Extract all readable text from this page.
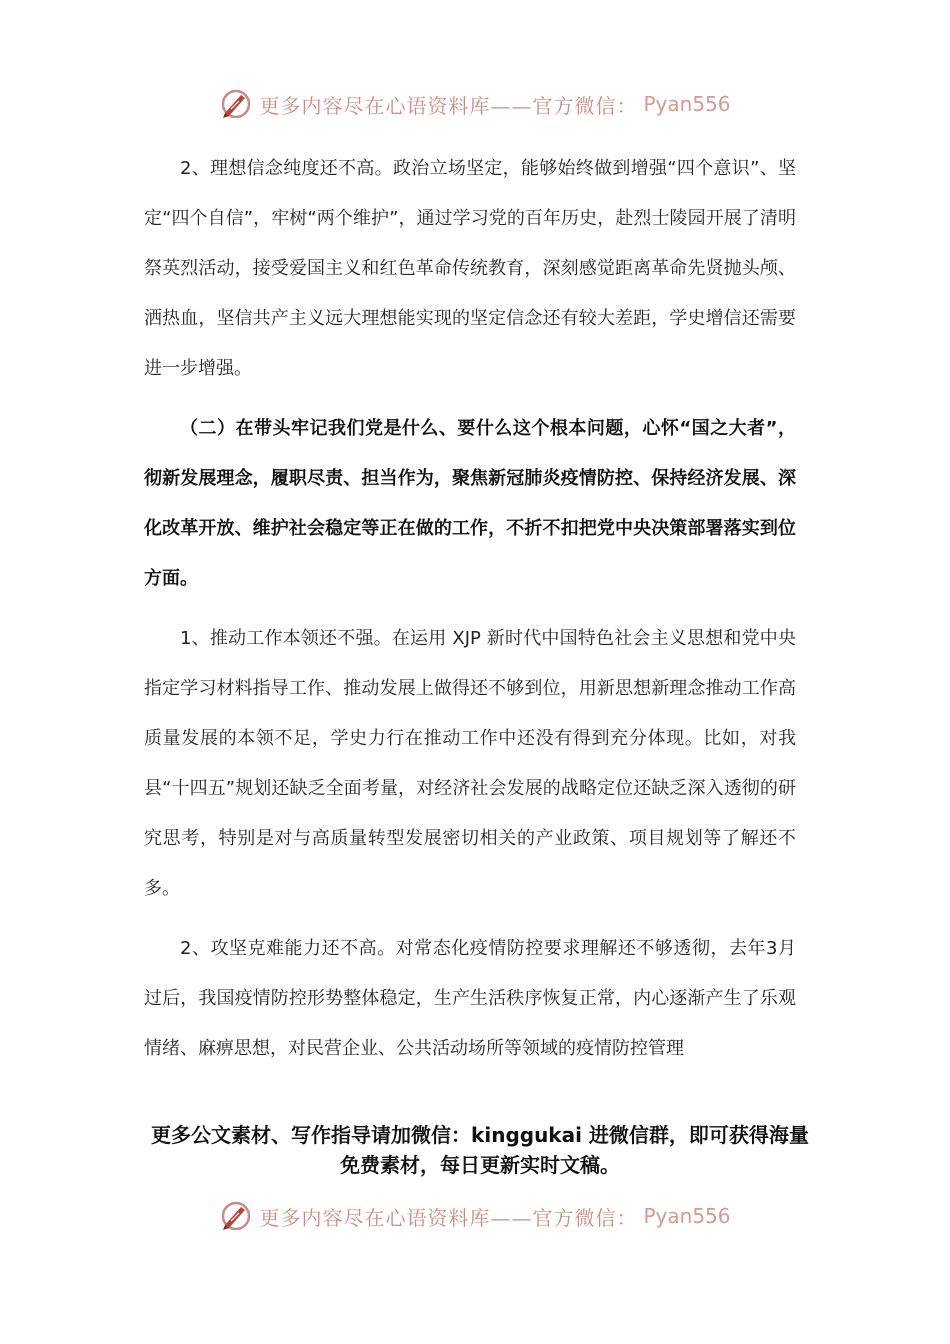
更多内容尽在心语资料库——官方微信： Pyan556

2、理想信念纯度还不高。政治立场坚定，能够始终做到增强“四个意识”、坚定“四个自信”，牢树“两个维护”，通过学习党的百年历史，赴烈士陵园开展了清明祭英烈活动，接受爱国主义和红色革命传统教育，深刻感觉距离革命先贤抛头颅、洒热血，坚信共产主义远大理想能实现的坚定信念还有较大差距，学史增信还需要进一步增强。

（二）在带头牢记我们党是什么、要什么这个根本问题，心怀“国之大者”，彻新发展理念，履职尽责、担当作为，聚焦新冠肺炎疫情防控、保持经济发展、深化改革开放、维护社会稳定等正在做的工作，不折不扣把党中央决策部署落实到位方面。

1、推动工作本领还不强。在运用 XJP 新时代中国特色社会主义思想和党中央指定学习材料指导工作、推动发展上做得还不够到位，用新思想新理念推动工作高质量发展的本领不足，学史力行在推动工作中还没有得到充分体现。比如，对我县“十四五”规划还缺乏全面考量，对经济社会发展的战略定位还缺乏深入透彻的研究思考，特别是对与高质量转型发展密切相关的产业政策、项目规划等了解还不多。

2、攻坚克难能力还不高。对常态化疫情防控要求理解还不够透彻，去年3月过后，我国疫情防控形势整体稳定，生产生活秩序恢复正常，内心逐渐产生了乐观情绪、麻痹思想，对民营企业、公共活动场所等领域的疫情防控管理

更多公文素材、写作指导请加微信：kinggukai 进微信群，即可获得海量免费素材，每日更新实时文稿。
更多内容尽在心语资料库——官方微信： Pyan556
